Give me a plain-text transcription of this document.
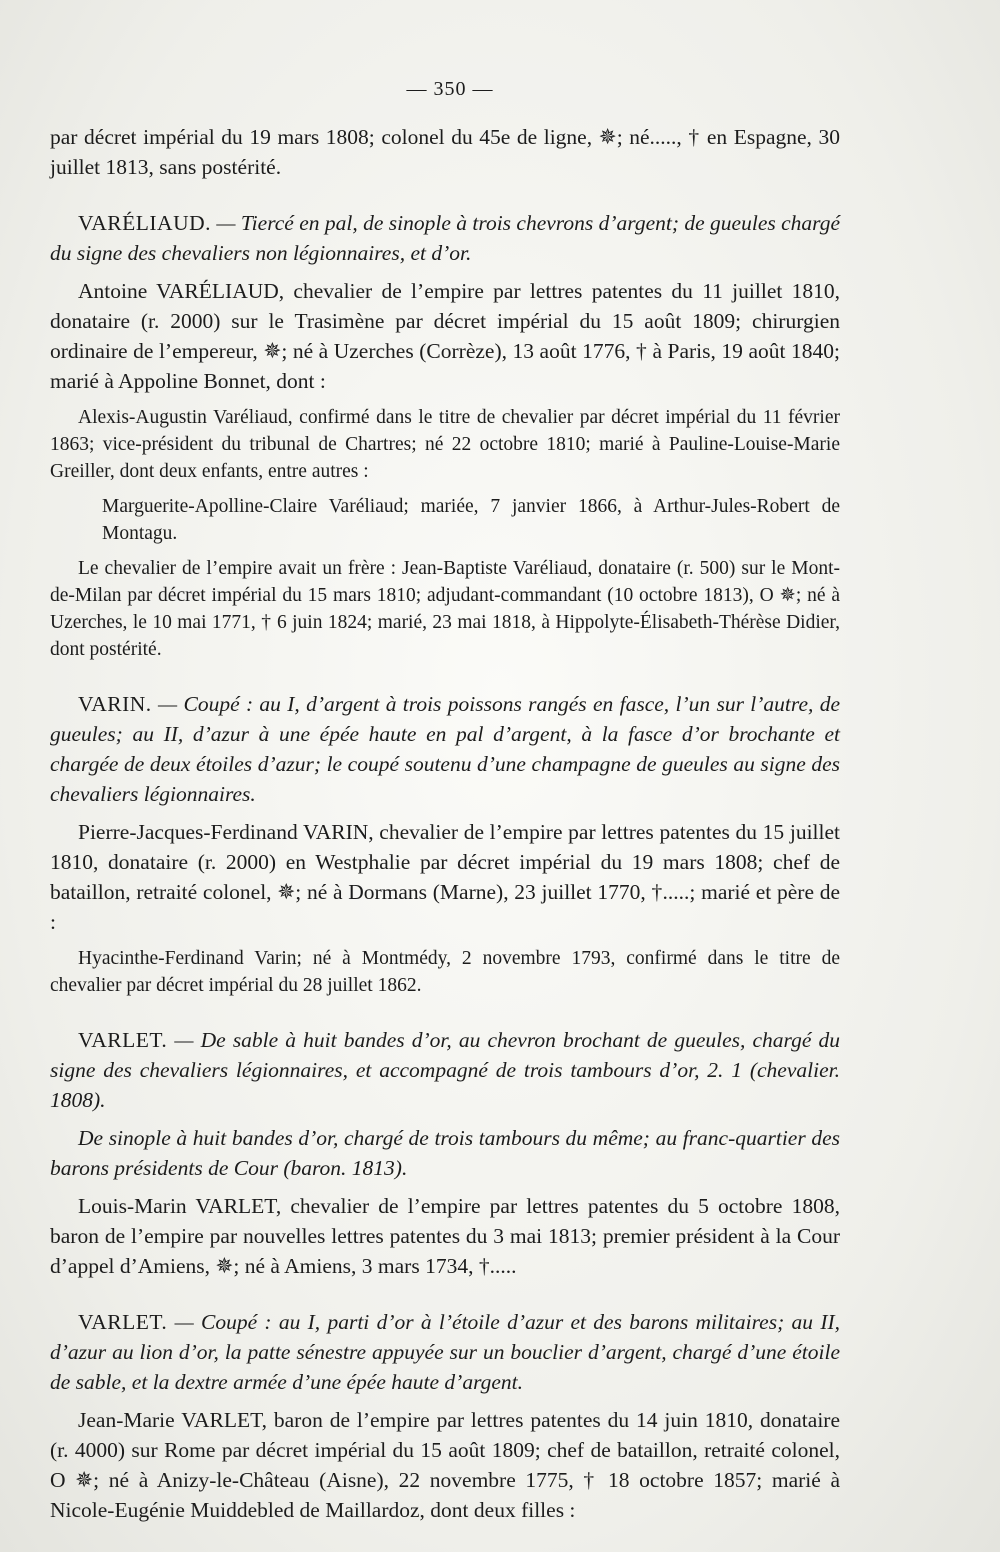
— 350 —

par décret impérial du 19 mars 1808; colonel du 45e de ligne, ✵; né....., † en Espagne, 30 juillet 1813, sans postérité.

VARÉLIAUD. — Tiercé en pal, de sinople à trois chevrons d’argent; de gueules chargé du signe des chevaliers non légionnaires, et d’or.

Antoine VARÉLIAUD, chevalier de l’empire par lettres patentes du 11 juillet 1810, donataire (r. 2000) sur le Trasimène par décret impérial du 15 août 1809; chirurgien ordinaire de l’empereur, ✵; né à Uzerches (Corrèze), 13 août 1776, † à Paris, 19 août 1840; marié à Appoline Bonnet, dont :

Alexis-Augustin Varéliaud, confirmé dans le titre de chevalier par décret impérial du 11 février 1863; vice-président du tribunal de Chartres; né 22 octobre 1810; marié à Pauline-Louise-Marie Greiller, dont deux enfants, entre autres :

Marguerite-Apolline-Claire Varéliaud; mariée, 7 janvier 1866, à Arthur-Jules-Robert de Montagu.

Le chevalier de l’empire avait un frère : Jean-Baptiste Varéliaud, donataire (r. 500) sur le Mont-de-Milan par décret impérial du 15 mars 1810; adjudant-commandant (10 octobre 1813), O ✵; né à Uzerches, le 10 mai 1771, † 6 juin 1824; marié, 23 mai 1818, à Hippolyte-Élisabeth-Thérèse Didier, dont postérité.

VARIN. — Coupé : au I, d’argent à trois poissons rangés en fasce, l’un sur l’autre, de gueules; au II, d’azur à une épée haute en pal d’argent, à la fasce d’or brochante et chargée de deux étoiles d’azur; le coupé soutenu d’une champagne de gueules au signe des chevaliers légionnaires.

Pierre-Jacques-Ferdinand VARIN, chevalier de l’empire par lettres patentes du 15 juillet 1810, donataire (r. 2000) en Westphalie par décret impérial du 19 mars 1808; chef de bataillon, retraité colonel, ✵; né à Dormans (Marne), 23 juillet 1770, †.....; marié et père de :

Hyacinthe-Ferdinand Varin; né à Montmédy, 2 novembre 1793, confirmé dans le titre de chevalier par décret impérial du 28 juillet 1862.

VARLET. — De sable à huit bandes d’or, au chevron brochant de gueules, chargé du signe des chevaliers légionnaires, et accompagné de trois tambours d’or, 2. 1 (chevalier. 1808).

De sinople à huit bandes d’or, chargé de trois tambours du même; au franc-quartier des barons présidents de Cour (baron. 1813).

Louis-Marin VARLET, chevalier de l’empire par lettres patentes du 5 octobre 1808, baron de l’empire par nouvelles lettres patentes du 3 mai 1813; premier président à la Cour d’appel d’Amiens, ✵; né à Amiens, 3 mars 1734, †.....

VARLET. — Coupé : au I, parti d’or à l’étoile d’azur et des barons militaires; au II, d’azur au lion d’or, la patte sénestre appuyée sur un bouclier d’argent, chargé d’une étoile de sable, et la dextre armée d’une épée haute d’argent.

Jean-Marie VARLET, baron de l’empire par lettres patentes du 14 juin 1810, donataire (r. 4000) sur Rome par décret impérial du 15 août 1809; chef de bataillon, retraité colonel, O ✵; né à Anizy-le-Château (Aisne), 22 novembre 1775, † 18 octobre 1857; marié à Nicole-Eugénie Muiddebled de Maillardoz, dont deux filles :
